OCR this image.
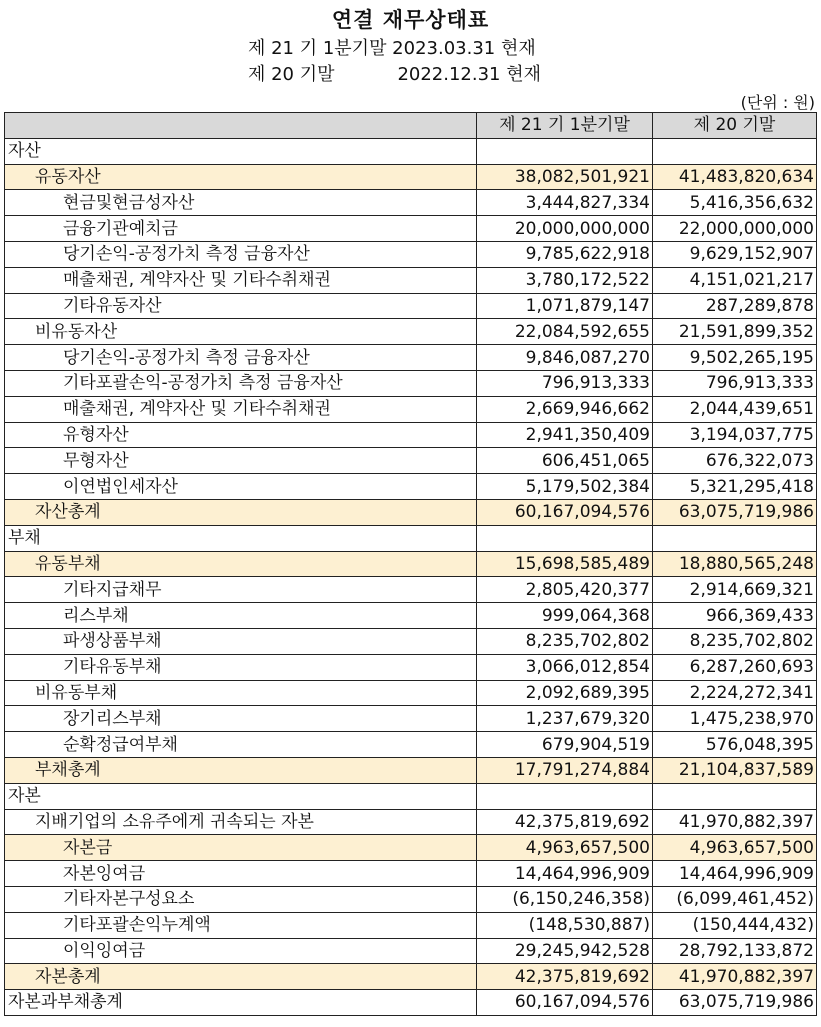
연결 재무상태표
제 21 기 1분기말 2023.03.31 현재
제 20 기말           2022.12.31 현재
(단위 : 원)
	제 21 기 1분기말	제 20 기말
자산		
유동자산	38,082,501,921	41,483,820,634
현금및현금성자산	3,444,827,334	5,416,356,632
금융기관예치금	20,000,000,000	22,000,000,000
당기손익-공정가치 측정 금융자산	9,785,622,918	9,629,152,907
매출채권, 계약자산 및 기타수취채권	3,780,172,522	4,151,021,217
기타유동자산	1,071,879,147	287,289,878
비유동자산	22,084,592,655	21,591,899,352
당기손익-공정가치 측정 금융자산	9,846,087,270	9,502,265,195
기타포괄손익-공정가치 측정 금융자산	796,913,333	796,913,333
매출채권, 계약자산 및 기타수취채권	2,669,946,662	2,044,439,651
유형자산	2,941,350,409	3,194,037,775
무형자산	606,451,065	676,322,073
이연법인세자산	5,179,502,384	5,321,295,418
자산총계	60,167,094,576	63,075,719,986
부채		
유동부채	15,698,585,489	18,880,565,248
기타지급채무	2,805,420,377	2,914,669,321
리스부채	999,064,368	966,369,433
파생상품부채	8,235,702,802	8,235,702,802
기타유동부채	3,066,012,854	6,287,260,693
비유동부채	2,092,689,395	2,224,272,341
장기리스부채	1,237,679,320	1,475,238,970
순확정급여부채	679,904,519	576,048,395
부채총계	17,791,274,884	21,104,837,589
자본		
지배기업의 소유주에게 귀속되는 자본	42,375,819,692	41,970,882,397
자본금	4,963,657,500	4,963,657,500
자본잉여금	14,464,996,909	14,464,996,909
기타자본구성요소	(6,150,246,358)	(6,099,461,452)
기타포괄손익누계액	(148,530,887)	(150,444,432)
이익잉여금	29,245,942,528	28,792,133,872
자본총계	42,375,819,692	41,970,882,397
자본과부채총계	60,167,094,576	63,075,719,986
